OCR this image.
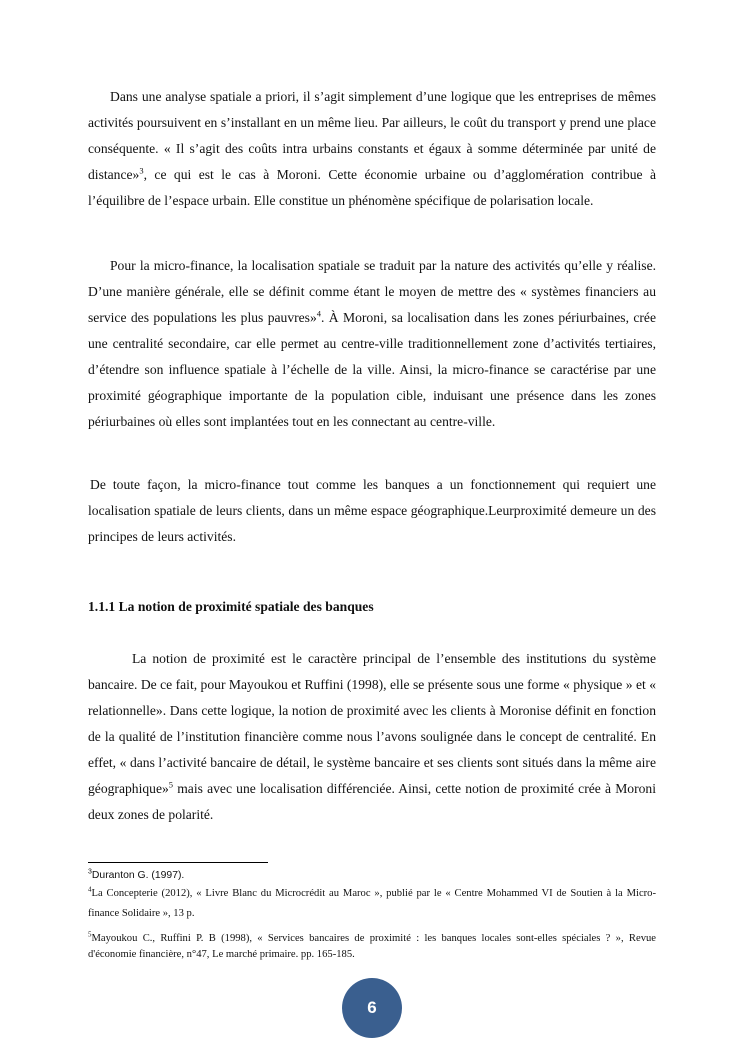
Dans une analyse spatiale a priori, il s’agit simplement d’une logique que les entreprises de mêmes activités poursuivent en s’installant en un même lieu. Par ailleurs, le coût du transport y prend une place conséquente. « Il s’agit des coûts intra urbains constants et égaux à somme déterminée par unité de distance»$^3$, ce qui est le cas à Moroni. Cette économie urbaine ou d’agglomération contribue à l’équilibre de l’espace urbain. Elle constitue un phénomène spécifique de polarisation locale.

Pour la micro-finance, la localisation spatiale se traduit par la nature des activités qu’elle y réalise. D’une manière générale, elle se définit comme étant le moyen de mettre des « systèmes financiers au service des populations les plus pauvres»$^4$. À Moroni, sa localisation dans les zones périurbaines, crée une centralité secondaire, car elle permet au centre-ville traditionnellement zone d’activités tertiaires, d’étendre son influence spatiale à l’échelle de la ville. Ainsi, la micro-finance se caractérise par une proximité géographique importante de la population cible, induisant une présence dans les zones périurbaines où elles sont implantées tout en les connectant au centre-ville.

De toute façon, la micro-finance tout comme les banques a un fonctionnement qui requiert une localisation spatiale de leurs clients, dans un même espace géographique.Leurproximité demeure un des principes de leurs activités.

1.1.1 La notion de proximité spatiale des banques

La notion de proximité est le caractère principal de l’ensemble des institutions du système bancaire. De ce fait, pour Mayoukou et Ruffini (1998), elle se présente sous une forme « physique » et « relationnelle». Dans cette logique, la notion de proximité avec les clients à Moronise définit en fonction de la qualité de l’institution financière comme nous l’avons soulignée dans le concept de centralité. En effet, « dans l’activité bancaire de détail, le système bancaire et ses clients sont situés dans la même aire géographique»$^5$ mais avec une localisation différenciée. Ainsi, cette notion de proximité crée à Moroni deux zones de polarité.

$^3$Duranton G. (1997).

$^4$La Concepterie (2012), « Livre Blanc du Microcrédit au Maroc », publié par le « Centre Mohammed VI de Soutien à la Micro-finance Solidaire », 13 p.

$^5$Mayoukou C., Ruffini P. B (1998), « Services bancaires de proximité : les banques locales sont-elles spéciales ? », Revue d'économie financière, n°47, Le marché primaire. pp. 165-185.

6
